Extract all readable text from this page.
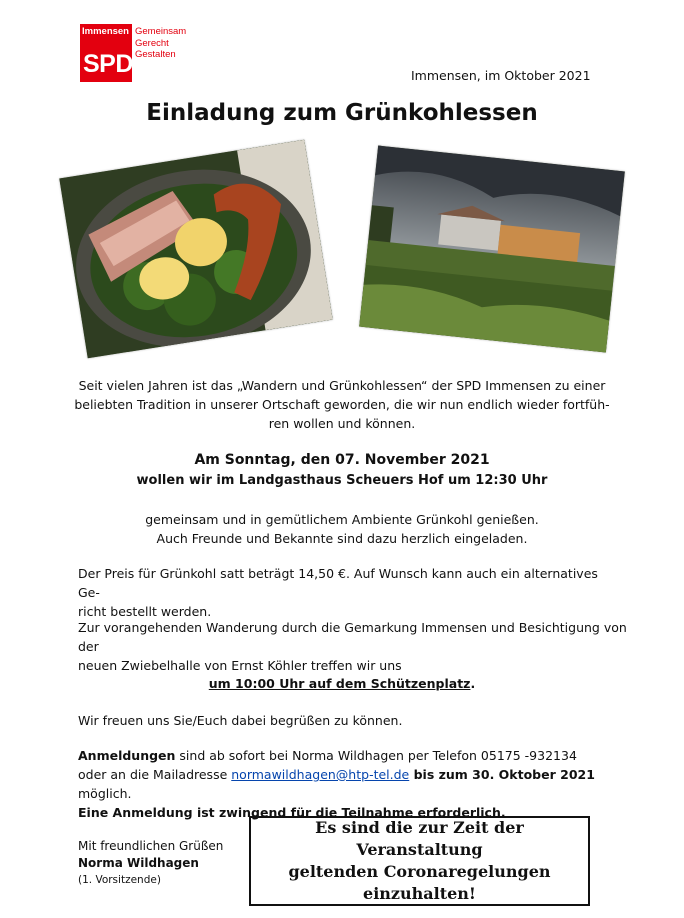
Immensen
SPD
Gemeinsam
Gerecht
Gestalten
Immensen, im Oktober 2021
Einladung zum Grünkohlessen
Seit vielen Jahren ist das „Wandern und Grünkohlessen“ der SPD Immensen zu einer
beliebten Tradition in unserer Ortschaft geworden, die wir nun endlich wieder fortfüh-
ren wollen und können.
Am Sonntag, den 07. November 2021
wollen wir im Landgasthaus Scheuers Hof um 12:30 Uhr
gemeinsam und in gemütlichem Ambiente Grünkohl genießen.
Auch Freunde und Bekannte sind dazu herzlich eingeladen.
Der Preis für Grünkohl satt beträgt 14,50 €. Auf Wunsch kann auch ein alternatives Ge-
richt bestellt werden.
Zur vorangehenden Wanderung durch die Gemarkung Immensen und Besichtigung von der
neuen Zwiebelhalle von Ernst Köhler treffen wir uns
um 10:00 Uhr auf dem Schützenplatz.
Wir freuen uns Sie/Euch dabei begrüßen zu können.
Anmeldungen sind ab sofort bei Norma Wildhagen per Telefon 05175 -932134
oder an die Mailadresse normawildhagen@htp-tel.de bis zum 30. Oktober 2021 möglich.
Eine Anmeldung ist zwingend für die Teilnahme erforderlich.
Mit freundlichen Grüßen
Norma Wildhagen
(1. Vorsitzende)
Es sind die zur Zeit der Veranstaltung
geltenden Coronaregelungen einzuhalten!
